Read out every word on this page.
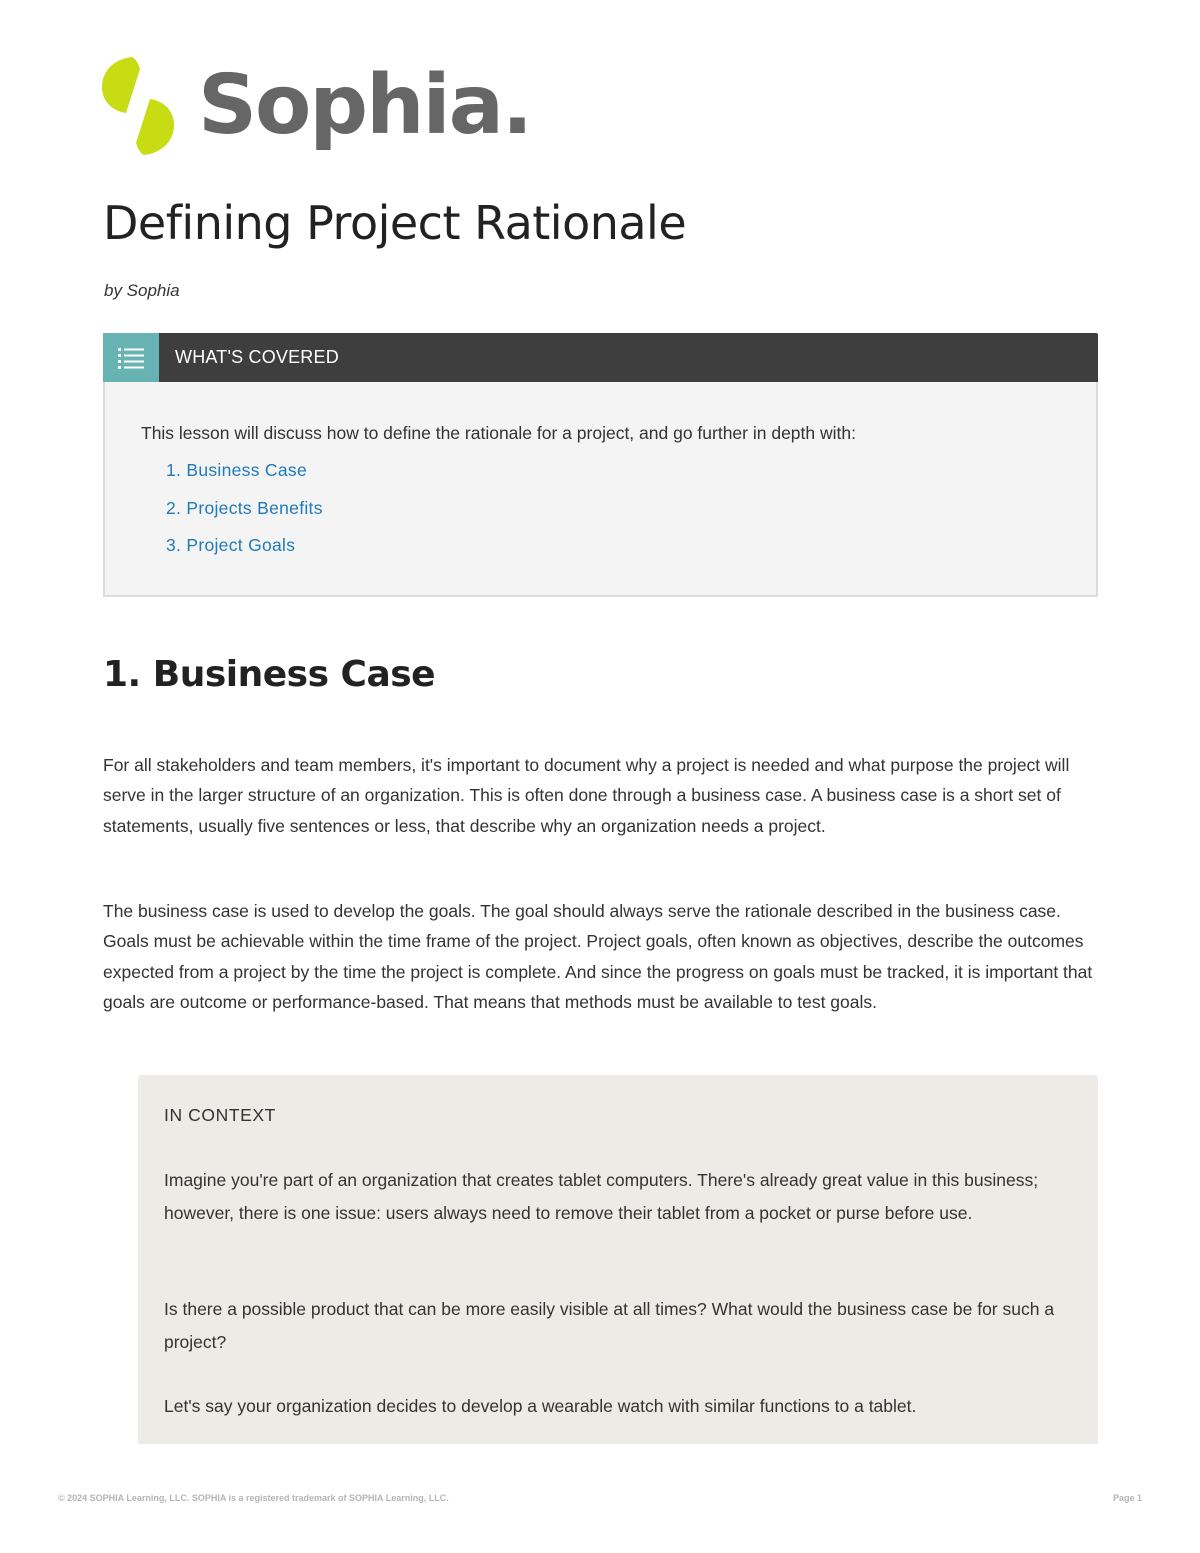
Sophia.
Defining Project Rationale
by Sophia
WHAT'S COVERED
This lesson will discuss how to define the rationale for a project, and go further in depth with:
1. Business Case
2. Projects Benefits
3. Project Goals
1. Business Case

For all stakeholders and team members, it's important to document why a project is needed and what purpose the project will serve in the larger structure of an organization. This is often done through a business case. A business case is a short set of statements, usually five sentences or less, that describe why an organization needs a project.

The business case is used to develop the goals. The goal should always serve the rationale described in the business case. Goals must be achievable within the time frame of the project. Project goals, often known as objectives, describe the outcomes expected from a project by the time the project is complete. And since the progress on goals must be tracked, it is important that goals are outcome or performance-based. That means that methods must be available to test goals.

IN CONTEXT

Imagine you're part of an organization that creates tablet computers. There's already great value in this business; however, there is one issue: users always need to remove their tablet from a pocket or purse before use.

Is there a possible product that can be more easily visible at all times? What would the business case be for such a project?

Let's say your organization decides to develop a wearable watch with similar functions to a tablet.

© 2024 SOPHIA Learning, LLC. SOPHIA is a registered trademark of SOPHIA Learning, LLC.	Page 1
